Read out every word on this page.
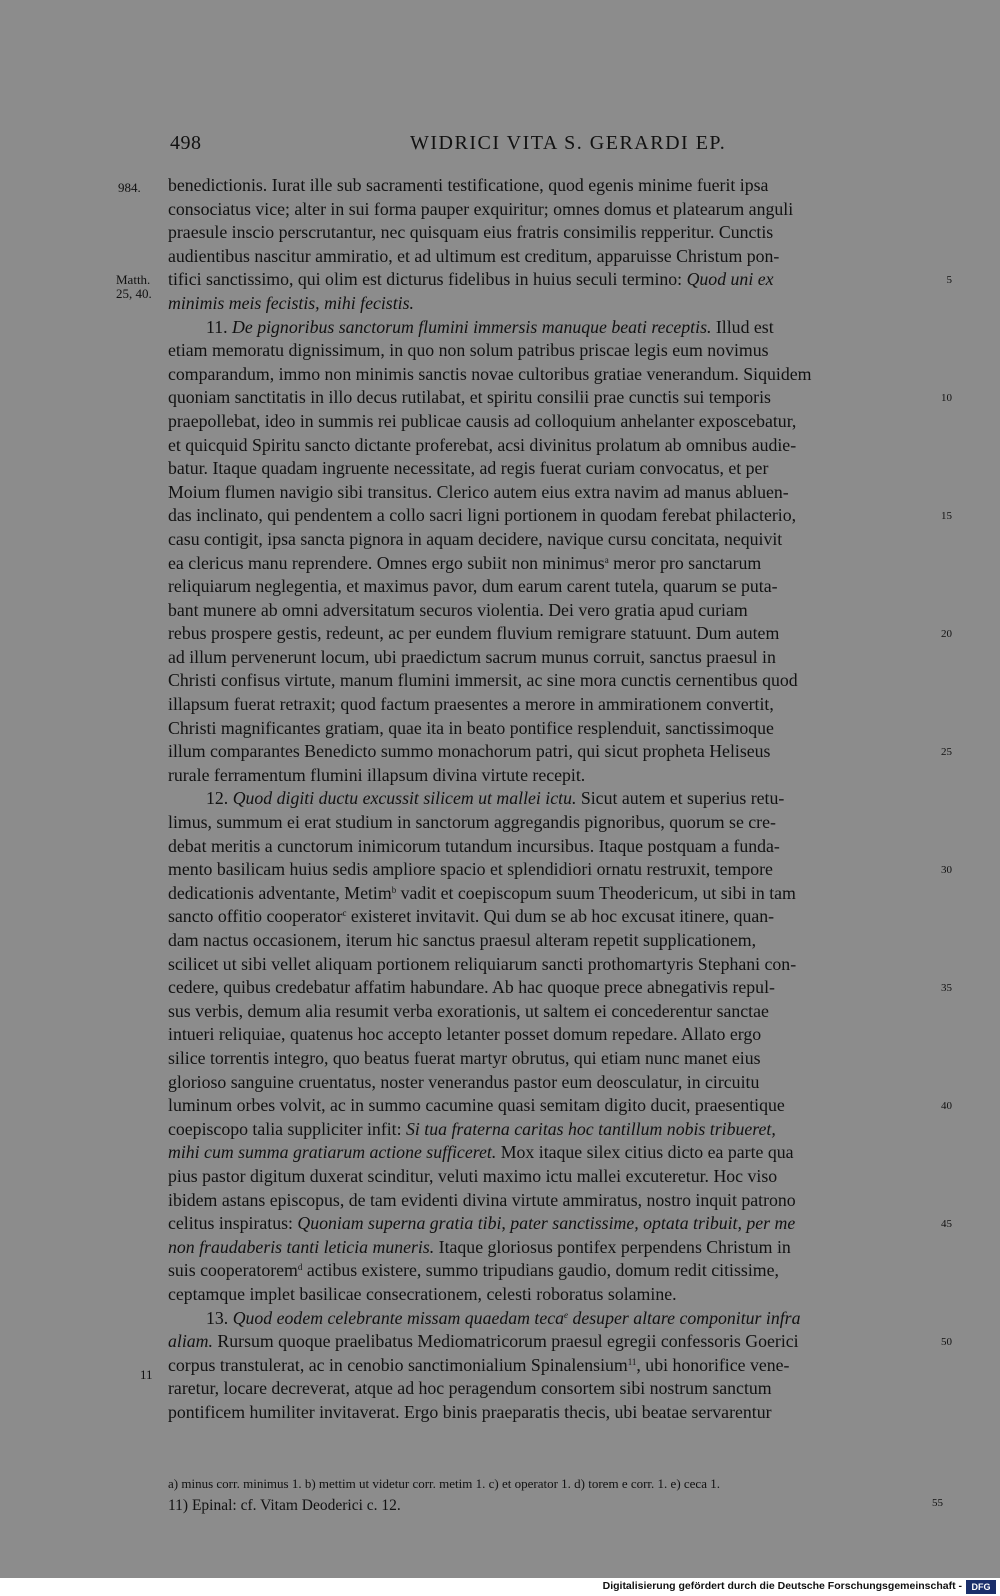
498	WIDRICI VITA S. GERARDI EP.
984.
Matth.
25, 40.
11
benedictionis. Iurat ille sub sacramenti testificatione, quod egenis minime fuerit ipsa
consociatus vice; alter in sui forma pauper exquiritur; omnes domus et platearum anguli
praesule inscio perscrutantur, nec quisquam eius fratris consimilis repperitur. Cunctis
audientibus nascitur ammiratio, et ad ultimum est creditum, apparuisse Christum pon-
tifici sanctissimo, qui olim est dicturus fidelibus in huius seculi termino: Quod uni ex	5
minimis meis fecistis, mihi fecistis.
11. De pignoribus sanctorum flumini immersis manuque beati receptis. Illud est
etiam memoratu dignissimum, in quo non solum patribus priscae legis eum novimus
comparandum, immo non minimis sanctis novae cultoribus gratiae venerandum. Siquidem
quoniam sanctitatis in illo decus rutilabat, et spiritu consilii prae cunctis sui temporis	10
praepollebat, ideo in summis rei publicae causis ad colloquium anhelanter exposcebatur,
et quicquid Spiritu sancto dictante proferebat, acsi divinitus prolatum ab omnibus audie-
batur. Itaque quadam ingruente necessitate, ad regis fuerat curiam convocatus, et per
Moium flumen navigio sibi transitus. Clerico autem eius extra navim ad manus abluen-
das inclinato, qui pendentem a collo sacri ligni portionem in quodam ferebat philacterio,	15
casu contigit, ipsa sancta pignora in aquam decidere, navique cursu concitata, nequivit
ea clericus manu reprendere. Omnes ergo subiit non minimus$^a$ meror pro sanctarum
reliquiarum neglegentia, et maximus pavor, dum earum carent tutela, quarum se puta-
bant munere ab omni adversitatum securos violentia. Dei vero gratia apud curiam
rebus prospere gestis, redeunt, ac per eundem fluvium remigrare statuunt. Dum autem	20
ad illum pervenerunt locum, ubi praedictum sacrum munus corruit, sanctus praesul in
Christi confisus virtute, manum flumini immersit, ac sine mora cunctis cernentibus quod
illapsum fuerat retraxit; quod factum praesentes a merore in ammirationem convertit,
Christi magnificantes gratiam, quae ita in beato pontifice resplenduit, sanctissimoque
illum comparantes Benedicto summo monachorum patri, qui sicut propheta Heliseus	25
rurale ferramentum flumini illapsum divina virtute recepit.
12. Quod digiti ductu excussit silicem ut mallei ictu. Sicut autem et superius retu-
limus, summum ei erat studium in sanctorum aggregandis pignoribus, quorum se cre-
debat meritis a cunctorum inimicorum tutandum incursibus. Itaque postquam a funda-
mento basilicam huius sedis ampliore spacio et splendidiori ornatu restruxit, tempore	30
dedicationis adventante, Metim$^b$ vadit et coepiscopum suum Theodericum, ut sibi in tam
sancto offitio cooperator$^c$ existeret invitavit. Qui dum se ab hoc excusat itinere, quan-
dam nactus occasionem, iterum hic sanctus praesul alteram repetit supplicationem,
scilicet ut sibi vellet aliquam portionem reliquiarum sancti prothomartyris Stephani con-
cedere, quibus credebatur affatim habundare. Ab hac quoque prece abnegativis repul-	35
sus verbis, demum alia resumit verba exorationis, ut saltem ei concederentur sanctae
intueri reliquiae, quatenus hoc accepto letanter posset domum repedare. Allato ergo
silice torrentis integro, quo beatus fuerat martyr obrutus, qui etiam nunc manet eius
glorioso sanguine cruentatus, noster venerandus pastor eum deosculatur, in circuitu
luminum orbes volvit, ac in summo cacumine quasi semitam digito ducit, praesentique	40
coepiscopo talia suppliciter infit: Si tua fraterna caritas hoc tantillum nobis tribueret,
mihi cum summa gratiarum actione sufficeret. Mox itaque silex citius dicto ea parte qua
pius pastor digitum duxerat scinditur, veluti maximo ictu mallei excuteretur. Hoc viso
ibidem astans episcopus, de tam evidenti divina virtute ammiratus, nostro inquit patrono
celitus inspiratus: Quoniam superna gratia tibi, pater sanctissime, optata tribuit, per me	45
non fraudaberis tanti leticia muneris. Itaque gloriosus pontifex perpendens Christum in
suis cooperatorem$^d$ actibus existere, summo tripudians gaudio, domum redit citissime,
ceptamque implet basilicae consecrationem, celesti roboratus solamine.
13. Quod eodem celebrante missam quaedam teca$^e$ desuper altare componitur infra
aliam. Rursum quoque praelibatus Mediomatricorum praesul egregii confessoris Goerici	50
corpus transtulerat, ac in cenobio sanctimonialium Spinalensium$^{11}$, ubi honorifice vene-
raretur, locare decreverat, atque ad hoc peragendum consortem sibi nostrum sanctum
pontificem humiliter invitaverat. Ergo binis praeparatis thecis, ubi beatae servarentur
a) minus corr. minimus 1. b) mettim ut videtur corr. metim 1. c) et operator 1. d) torem e corr. 1. e) ceca 1.
11) Epinal: cf. Vitam Deoderici c. 12.	55
Digitalisierung gefördert durch die Deutsche Forschungsgemeinschaft -	DFG
